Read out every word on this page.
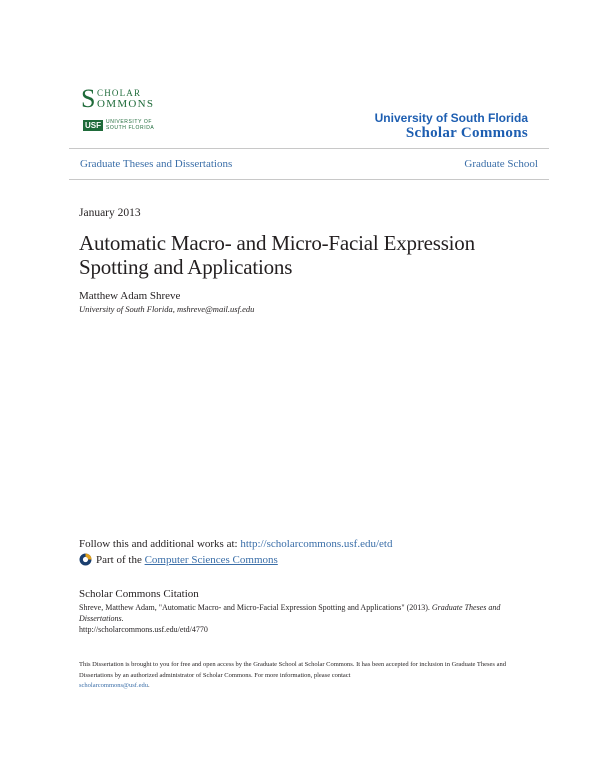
S CHOLAR
OMMONS
USF	UNIVERSITY OF
SOUTH FLORIDA
University of South Florida
Scholar Commons
Graduate Theses and Dissertations	Graduate School
January 2013
Automatic Macro- and Micro-Facial Expression Spotting and Applications
Matthew Adam Shreve
University of South Florida, mshreve@mail.usf.edu
Follow this and additional works at: http://scholarcommons.usf.edu/etd
Part of the
Computer Sciences Commons
Scholar Commons Citation
Shreve, Matthew Adam, "Automatic Macro- and Micro-Facial Expression Spotting and Applications" (2013). Graduate Theses and Dissertations.
http://scholarcommons.usf.edu/etd/4770
This Dissertation is brought to you for free and open access by the Graduate School at Scholar Commons. It has been accepted for inclusion in Graduate Theses and Dissertations by an authorized administrator of Scholar Commons. For more information, please contact
scholarcommons@usf.edu.
